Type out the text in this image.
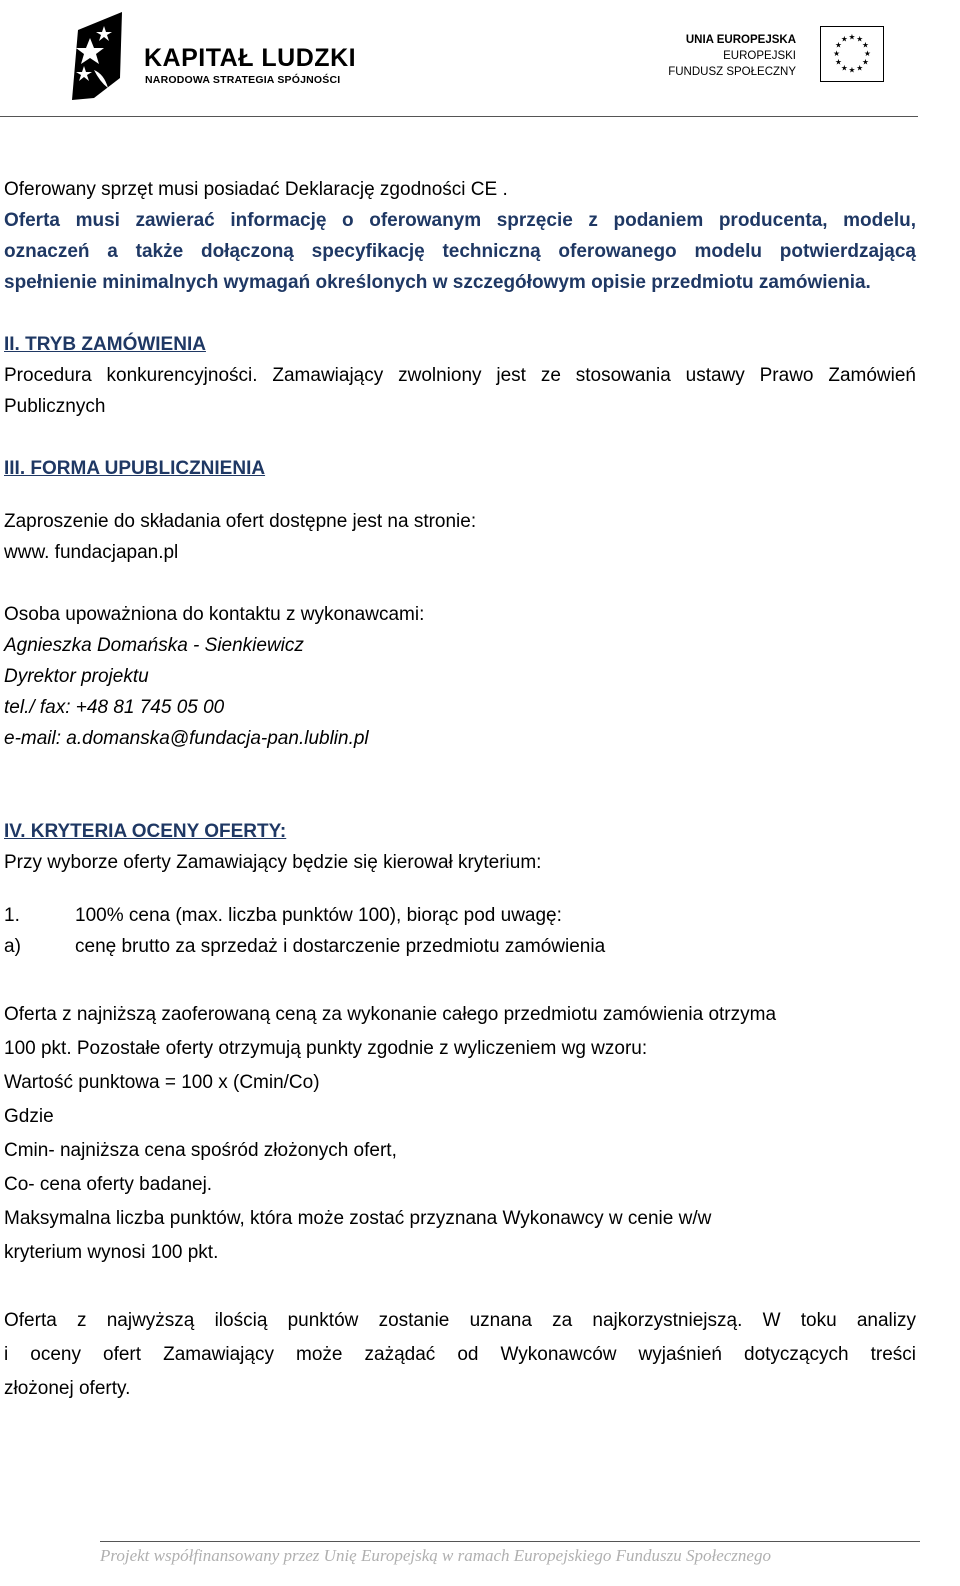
KAPITAŁ LUDZKI
NARODOWA STRATEGIA SPÓJNOŚCI
UNIA EUROPEJSKA
EUROPEJSKI
FUNDUSZ SPOŁECZNY
★ ★
★
★
★
★
★
★
★
★
★
★
Oferowany sprzęt musi posiadać Deklarację zgodności CE .
Oferta musi zawierać informację o oferowanym sprzęcie z podaniem producenta, modelu,
oznaczeń a także dołączoną specyfikację techniczną oferowanego modelu potwierdzającą
spełnienie minimalnych wymagań określonych w szczegółowym opisie przedmiotu zamówienia.
II. TRYB ZAMÓWIENIA
Procedura konkurencyjności. Zamawiający zwolniony jest ze stosowania ustawy Prawo Zamówień
Publicznych
III. FORMA UPUBLICZNIENIA
Zaproszenie do składania ofert dostępne jest na stronie:
www. fundacjapan.pl
Osoba upoważniona do kontaktu z wykonawcami:
Agnieszka Domańska - Sienkiewicz
Dyrektor projektu
tel./ fax: +48 81 745 05 00
e-mail: a.domanska@fundacja-pan.lublin.pl
IV. KRYTERIA OCENY OFERTY:
Przy wyborze oferty Zamawiający będzie się kierował kryterium:
1.	100% cena (max. liczba punktów 100), biorąc pod uwagę:
a)	cenę brutto za sprzedaż i dostarczenie przedmiotu zamówienia
Oferta z najniższą zaoferowaną ceną za wykonanie całego przedmiotu zamówienia otrzyma
100 pkt. Pozostałe oferty otrzymują punkty zgodnie z wyliczeniem wg wzoru:
Wartość punktowa = 100 x (Cmin/Co)
Gdzie
Cmin- najniższa cena spośród złożonych ofert,
Co- cena oferty badanej.
Maksymalna liczba punktów, która może zostać przyznana Wykonawcy w cenie w/w
kryterium wynosi 100 pkt.
Oferta z najwyższą ilością punktów zostanie uznana za najkorzystniejszą. W toku analizy
i oceny ofert Zamawiający może zażądać od Wykonawców wyjaśnień dotyczących treści
złożonej oferty.
Projekt współfinansowany przez Unię Europejską w ramach Europejskiego Funduszu Społecznego
